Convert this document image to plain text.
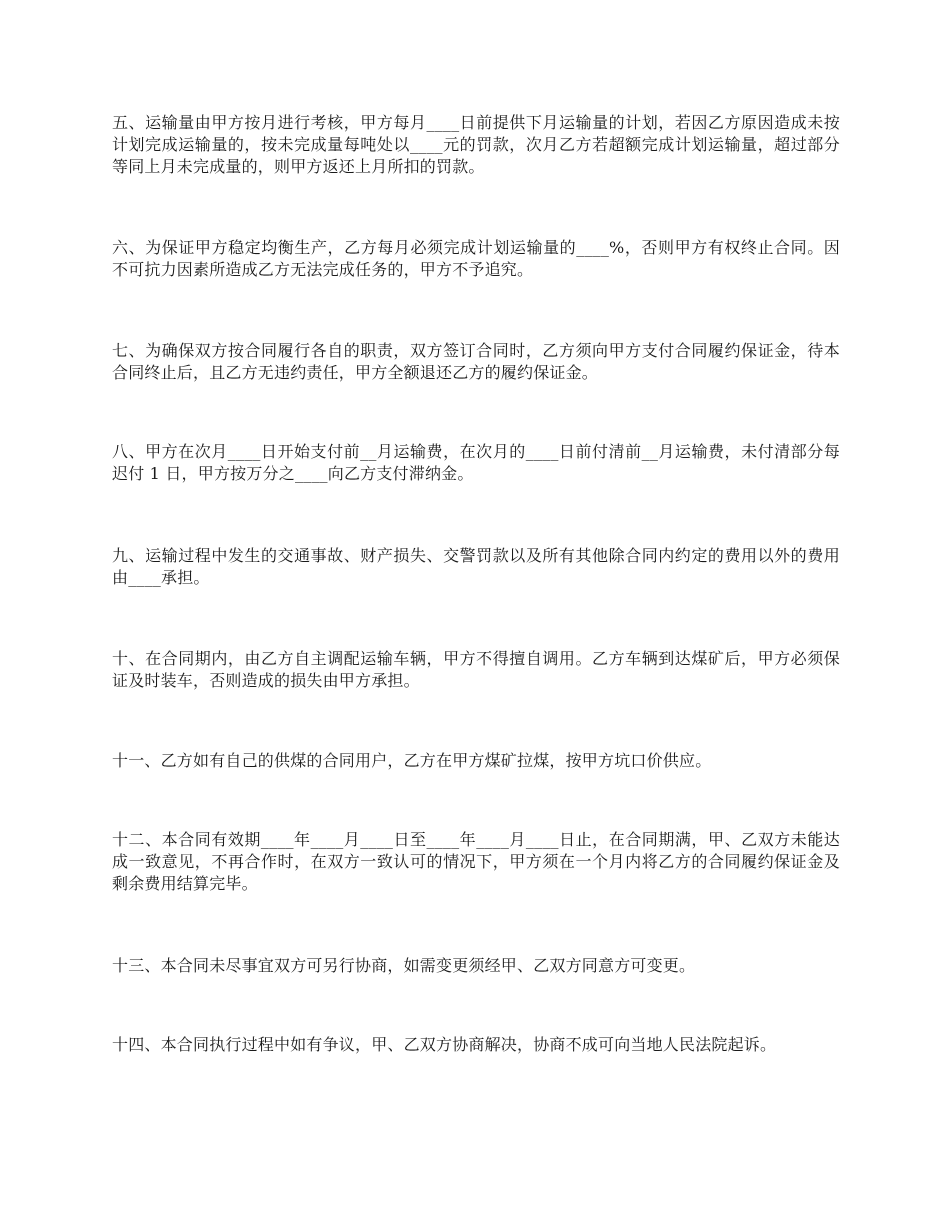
五、运输量由甲方按月进行考核，甲方每月____日前提供下月运输量的计划，若因乙方原因造成未按计划完成运输量的，按未完成量每吨处以____元的罚款，次月乙方若超额完成计划运输量，超过部分等同上月未完成量的，则甲方返还上月所扣的罚款。

六、为保证甲方稳定均衡生产，乙方每月必须完成计划运输量的____%，否则甲方有权终止合同。因不可抗力因素所造成乙方无法完成任务的，甲方不予追究。

七、为确保双方按合同履行各自的职责，双方签订合同时，乙方须向甲方支付合同履约保证金，待本合同终止后，且乙方无违约责任，甲方全额退还乙方的履约保证金。

八、甲方在次月____日开始支付前__月运输费，在次月的____日前付清前__月运输费，未付清部分每迟付 1 日，甲方按万分之____向乙方支付滞纳金。

九、运输过程中发生的交通事故、财产损失、交警罚款以及所有其他除合同内约定的费用以外的费用由____承担。

十、在合同期内，由乙方自主调配运输车辆，甲方不得擅自调用。乙方车辆到达煤矿后，甲方必须保证及时装车，否则造成的损失由甲方承担。

十一、乙方如有自己的供煤的合同用户，乙方在甲方煤矿拉煤，按甲方坑口价供应。

十二、本合同有效期____年____月____日至____年____月____日止，在合同期满，甲、乙双方未能达成一致意见，不再合作时，在双方一致认可的情况下，甲方须在一个月内将乙方的合同履约保证金及剩余费用结算完毕。

十三、本合同未尽事宜双方可另行协商，如需变更须经甲、乙双方同意方可变更。

十四、本合同执行过程中如有争议，甲、乙双方协商解决，协商不成可向当地人民法院起诉。
